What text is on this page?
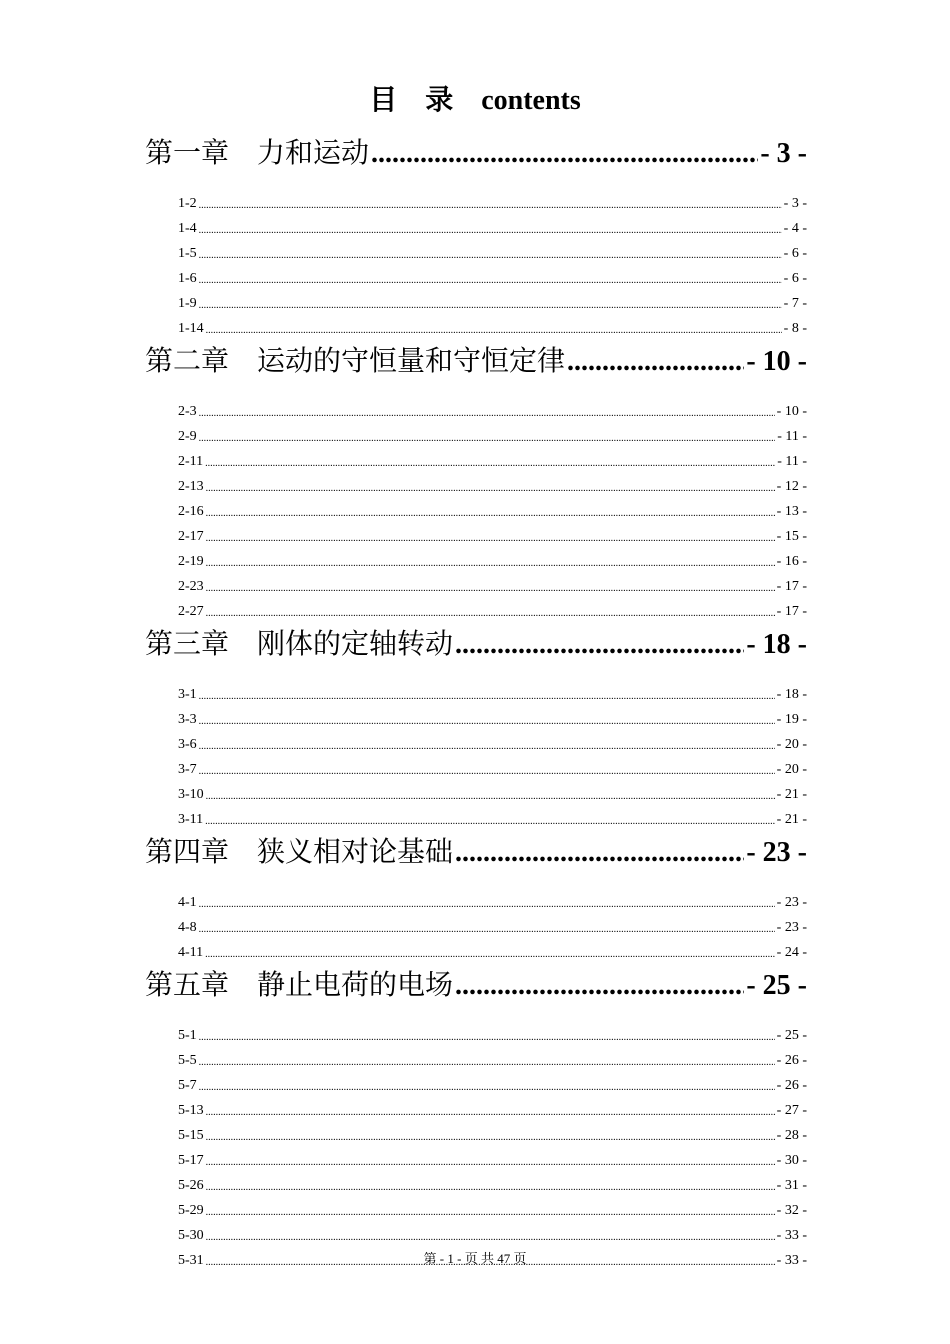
目　录　contents
第一章　力和运动 .....	- 3 -
1-2 .....	- 3 -
1-4 .....	- 4 -
1-5 .....	- 6 -
1-6 .....	- 6 -
1-9 .....	- 7 -
1-14 .....	- 8 -
第二章　运动的守恒量和守恒定律 .....	- 10 -
2-3 .....	- 10 -
2-9 .....	- 11 -
2-11 .....	- 11 -
2-13 .....	- 12 -
2-16 .....	- 13 -
2-17 .....	- 15 -
2-19 .....	- 16 -
2-23 .....	- 17 -
2-27 .....	- 17 -
第三章　刚体的定轴转动 .....	- 18 -
3-1 .....	- 18 -
3-3 .....	- 19 -
3-6 .....	- 20 -
3-7 .....	- 20 -
3-10 .....	- 21 -
3-11 .....	- 21 -
第四章　狭义相对论基础 .....	- 23 -
4-1 .....	- 23 -
4-8 .....	- 23 -
4-11 .....	- 24 -
第五章　静止电荷的电场 .....	- 25 -
5-1 .....	- 25 -
5-5 .....	- 26 -
5-7 .....	- 26 -
5-13 .....	- 27 -
5-15 .....	- 28 -
5-17 .....	- 30 -
5-26 .....	- 31 -
5-29 .....	- 32 -
5-30 .....	- 33 -
5-31 .....	- 33 -
第 - 1 - 页 共 47 页
